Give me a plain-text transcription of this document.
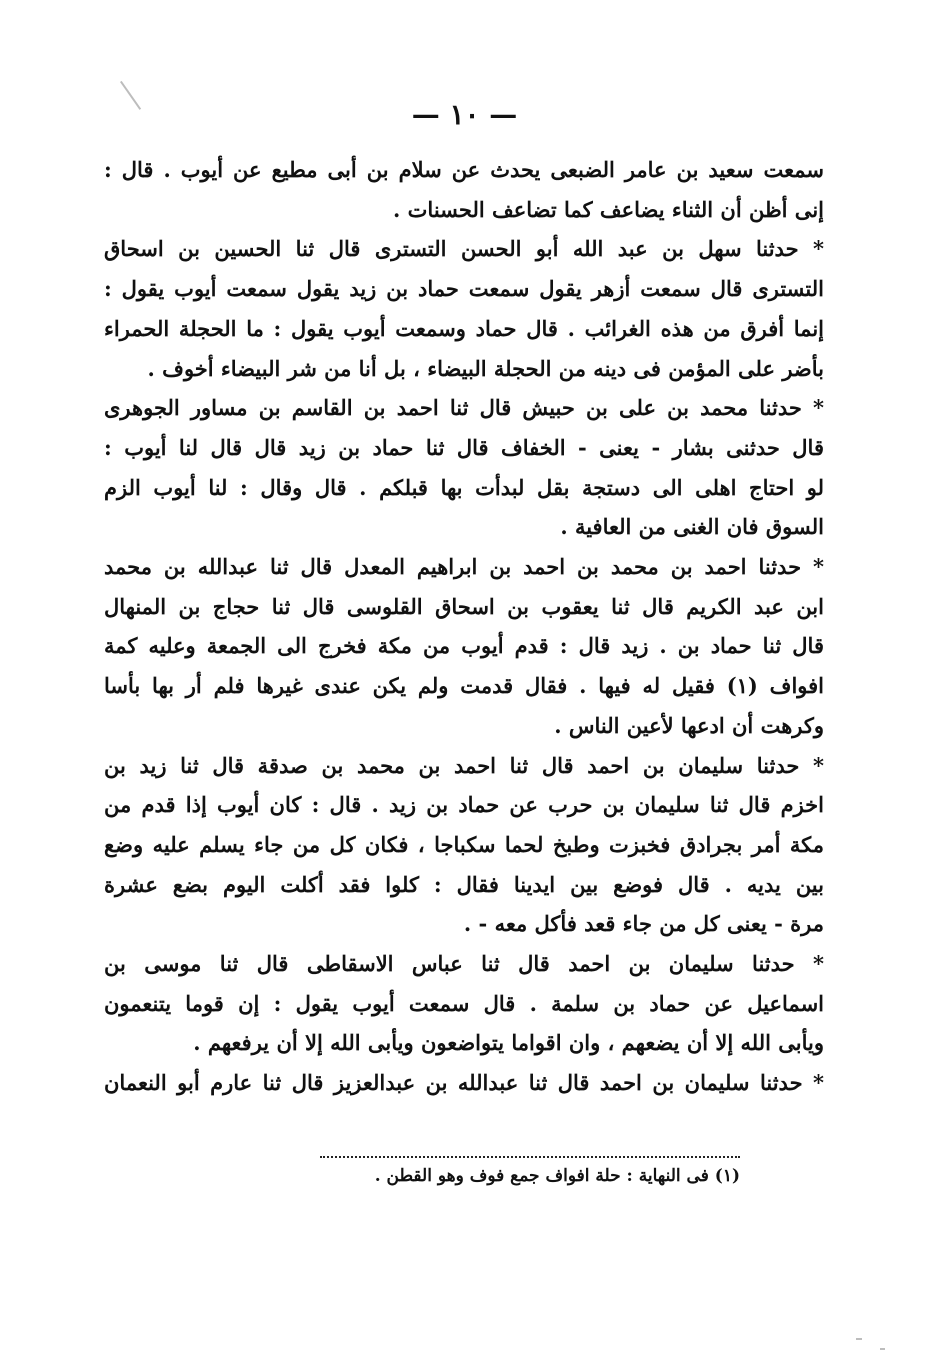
— ١٠ —

سمعت سعيد بن عامر الضبعى يحدث عن سلام بن أبى مطيع عن أيوب . قال :
إنى أظن أن الثناء يضاعف كما تضاعف الحسنات .

* حدثنا سهل بن عبد الله أبو الحسن التسترى قال ثنا الحسين بن اسحاق
التسترى قال سمعت أزهر يقول سمعت حماد بن زيد يقول سمعت أيوب يقول :
إنما أفرق من هذه الغرائب . قال حماد وسمعت أيوب يقول : ما الحجلة الحمراء
بأضر على المؤمن فى دينه من الحجلة البيضاء ، بل أنا من شر البيضاء أخوف .

* حدثنا محمد بن على بن حبيش قال ثنا احمد بن القاسم بن مساور الجوهرى
قال حدثنى بشار - يعنى - الخفاف قال ثنا حماد بن زيد قال قال لنا أيوب :
لو احتاج اهلى الى دستجة بقل لبدأت بها قبلكم . قال وقال : لنا أيوب الزم
السوق فان الغنى من العافية .

* حدثنا احمد بن محمد بن احمد بن ابراهيم المعدل قال ثنا عبدالله بن محمد
ابن عبد الكريم قال ثنا يعقوب بن اسحاق القلوسى قال ثنا حجاج بن المنهال
قال ثنا حماد بن . زيد قال : قدم أيوب من مكة فخرج الى الجمعة وعليه كمة
افواف (١) فقيل له فيها . فقال قدمت ولم يكن عندى غيرها فلم أر بها بأسا
وكرهت أن ادعها لأعين الناس .

* حدثنا سليمان بن احمد قال ثنا احمد بن محمد بن صدقة قال ثنا زيد بن
اخزم قال ثنا سليمان بن حرب عن حماد بن زيد . قال : كان أيوب إذا قدم من
مكة أمر بجرادق فخبزت وطبخ لحما سكباجا ، فكان كل من جاء يسلم عليه وضع
بين يديه . قال فوضع بين ايدينا فقال : كلوا فقد أكلت اليوم بضع عشرة
مرة - يعنى كل من جاء قعد فأكل معه - .

* حدثنا سليمان بن احمد قال ثنا عباس الاسقاطى قال ثنا موسى بن
اسماعيل عن حماد بن سلمة . قال سمعت أيوب يقول : إن قوما يتنعمون
ويأبى الله إلا أن يضعهم ، وان اقواما يتواضعون ويأبى الله إلا أن يرفعهم .

* حدثنا سليمان بن احمد قال ثنا عبدالله بن عبدالعزيز قال ثنا عارم أبو النعمان

(١) فى النهاية : حلة افواف جمع فوف وهو القطن .
